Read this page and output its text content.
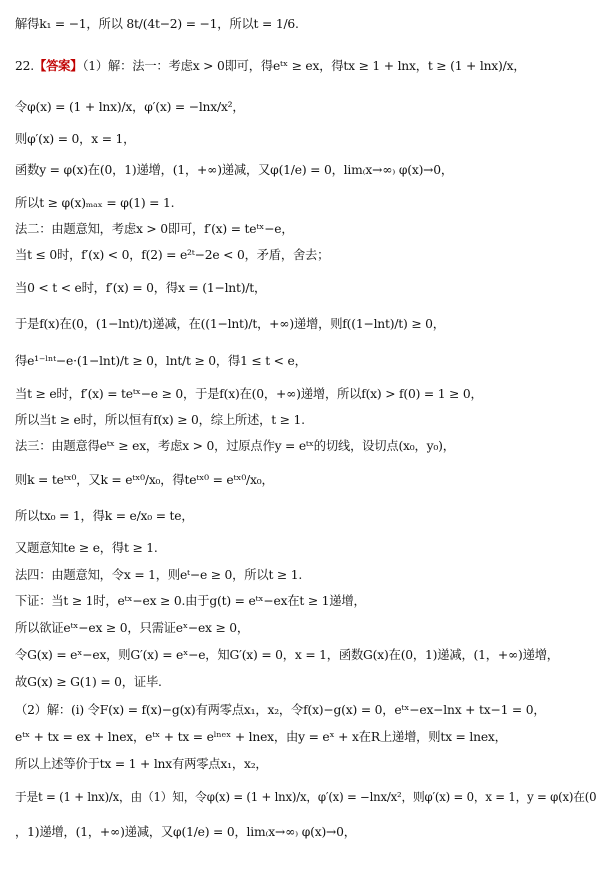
解得k₁ = −1，所以 8t/(4t−2) = −1，所以t = 1/6.
22.【答案】（1）解：法一：考虑x > 0即可，得eᵗˣ ≥ ex，得tx ≥ 1 + lnx，t ≥ (1 + lnx)/x，
令φ(x) = (1 + lnx)/x，φ′(x) = −lnx/x²，
则φ′(x) = 0，x = 1，
函数y = φ(x)在(0，1)递增，(1，+∞)递减，又φ(1/e) = 0，lim₍x→∞₎ φ(x)→0，
所以t ≥ φ(x)ₘₐₓ = φ(1) = 1.
法二：由题意知，考虑x > 0即可，f′(x) = teᵗˣ−e，
当t ≤ 0时，f′(x) < 0，f(2) = e²ᵗ−2e < 0，矛盾，舍去；
当0 < t < e时，f′(x) = 0，得x = (1−lnt)/t，
于是f(x)在(0，(1−lnt)/t)递减，在((1−lnt)/t，+∞)递增，则f((1−lnt)/t) ≥ 0，
得e¹⁻ˡⁿᵗ−e·(1−lnt)/t ≥ 0，lnt/t ≥ 0，得1 ≤ t < e，
当t ≥ e时，f′(x) = teᵗˣ−e ≥ 0，于是f(x)在(0，+∞)递增，所以f(x) > f(0) = 1 ≥ 0，
所以当t ≥ e时，所以恒有f(x) ≥ 0，综上所述，t ≥ 1.
法三：由题意得eᵗˣ ≥ ex，考虑x > 0，过原点作y = eᵗˣ的切线，设切点(x₀，y₀)，
则k = teᵗˣ⁰，又k = eᵗˣ⁰/x₀，得teᵗˣ⁰ = eᵗˣ⁰/x₀，
所以tx₀ = 1，得k = e/x₀ = te，
又题意知te ≥ e，得t ≥ 1.
法四：由题意知，令x = 1，则eᵗ−e ≥ 0，所以t ≥ 1.
下证：当t ≥ 1时，eᵗˣ−ex ≥ 0.由于g(t) = eᵗˣ−ex在t ≥ 1递增，
所以欲证eᵗˣ−ex ≥ 0，只需证eˣ−ex ≥ 0，
令G(x) = eˣ−ex，则G′(x) = eˣ−e，知G′(x) = 0，x = 1，函数G(x)在(0，1)递减，(1，+∞)递增，
故G(x) ≥ G(1) = 0，证毕.
（2）解：(i) 令F(x) = f(x)−g(x)有两零点x₁，x₂，令f(x)−g(x) = 0，eᵗˣ−ex−lnx + tx−1 = 0，
eᵗˣ + tx = ex + lnex，eᵗˣ + tx = eˡⁿᵉˣ + lnex，由y = eˣ + x在R上递增，则tx = lnex，
所以上述等价于tx = 1 + lnx有两零点x₁，x₂，
于是t = (1 + lnx)/x，由（1）知，令φ(x) = (1 + lnx)/x，φ′(x) = −lnx/x²，则φ′(x) = 0，x = 1，y = φ(x)在(0
，1)递增，(1，+∞)递减，又φ(1/e) = 0，lim₍x→∞₎ φ(x)→0，
